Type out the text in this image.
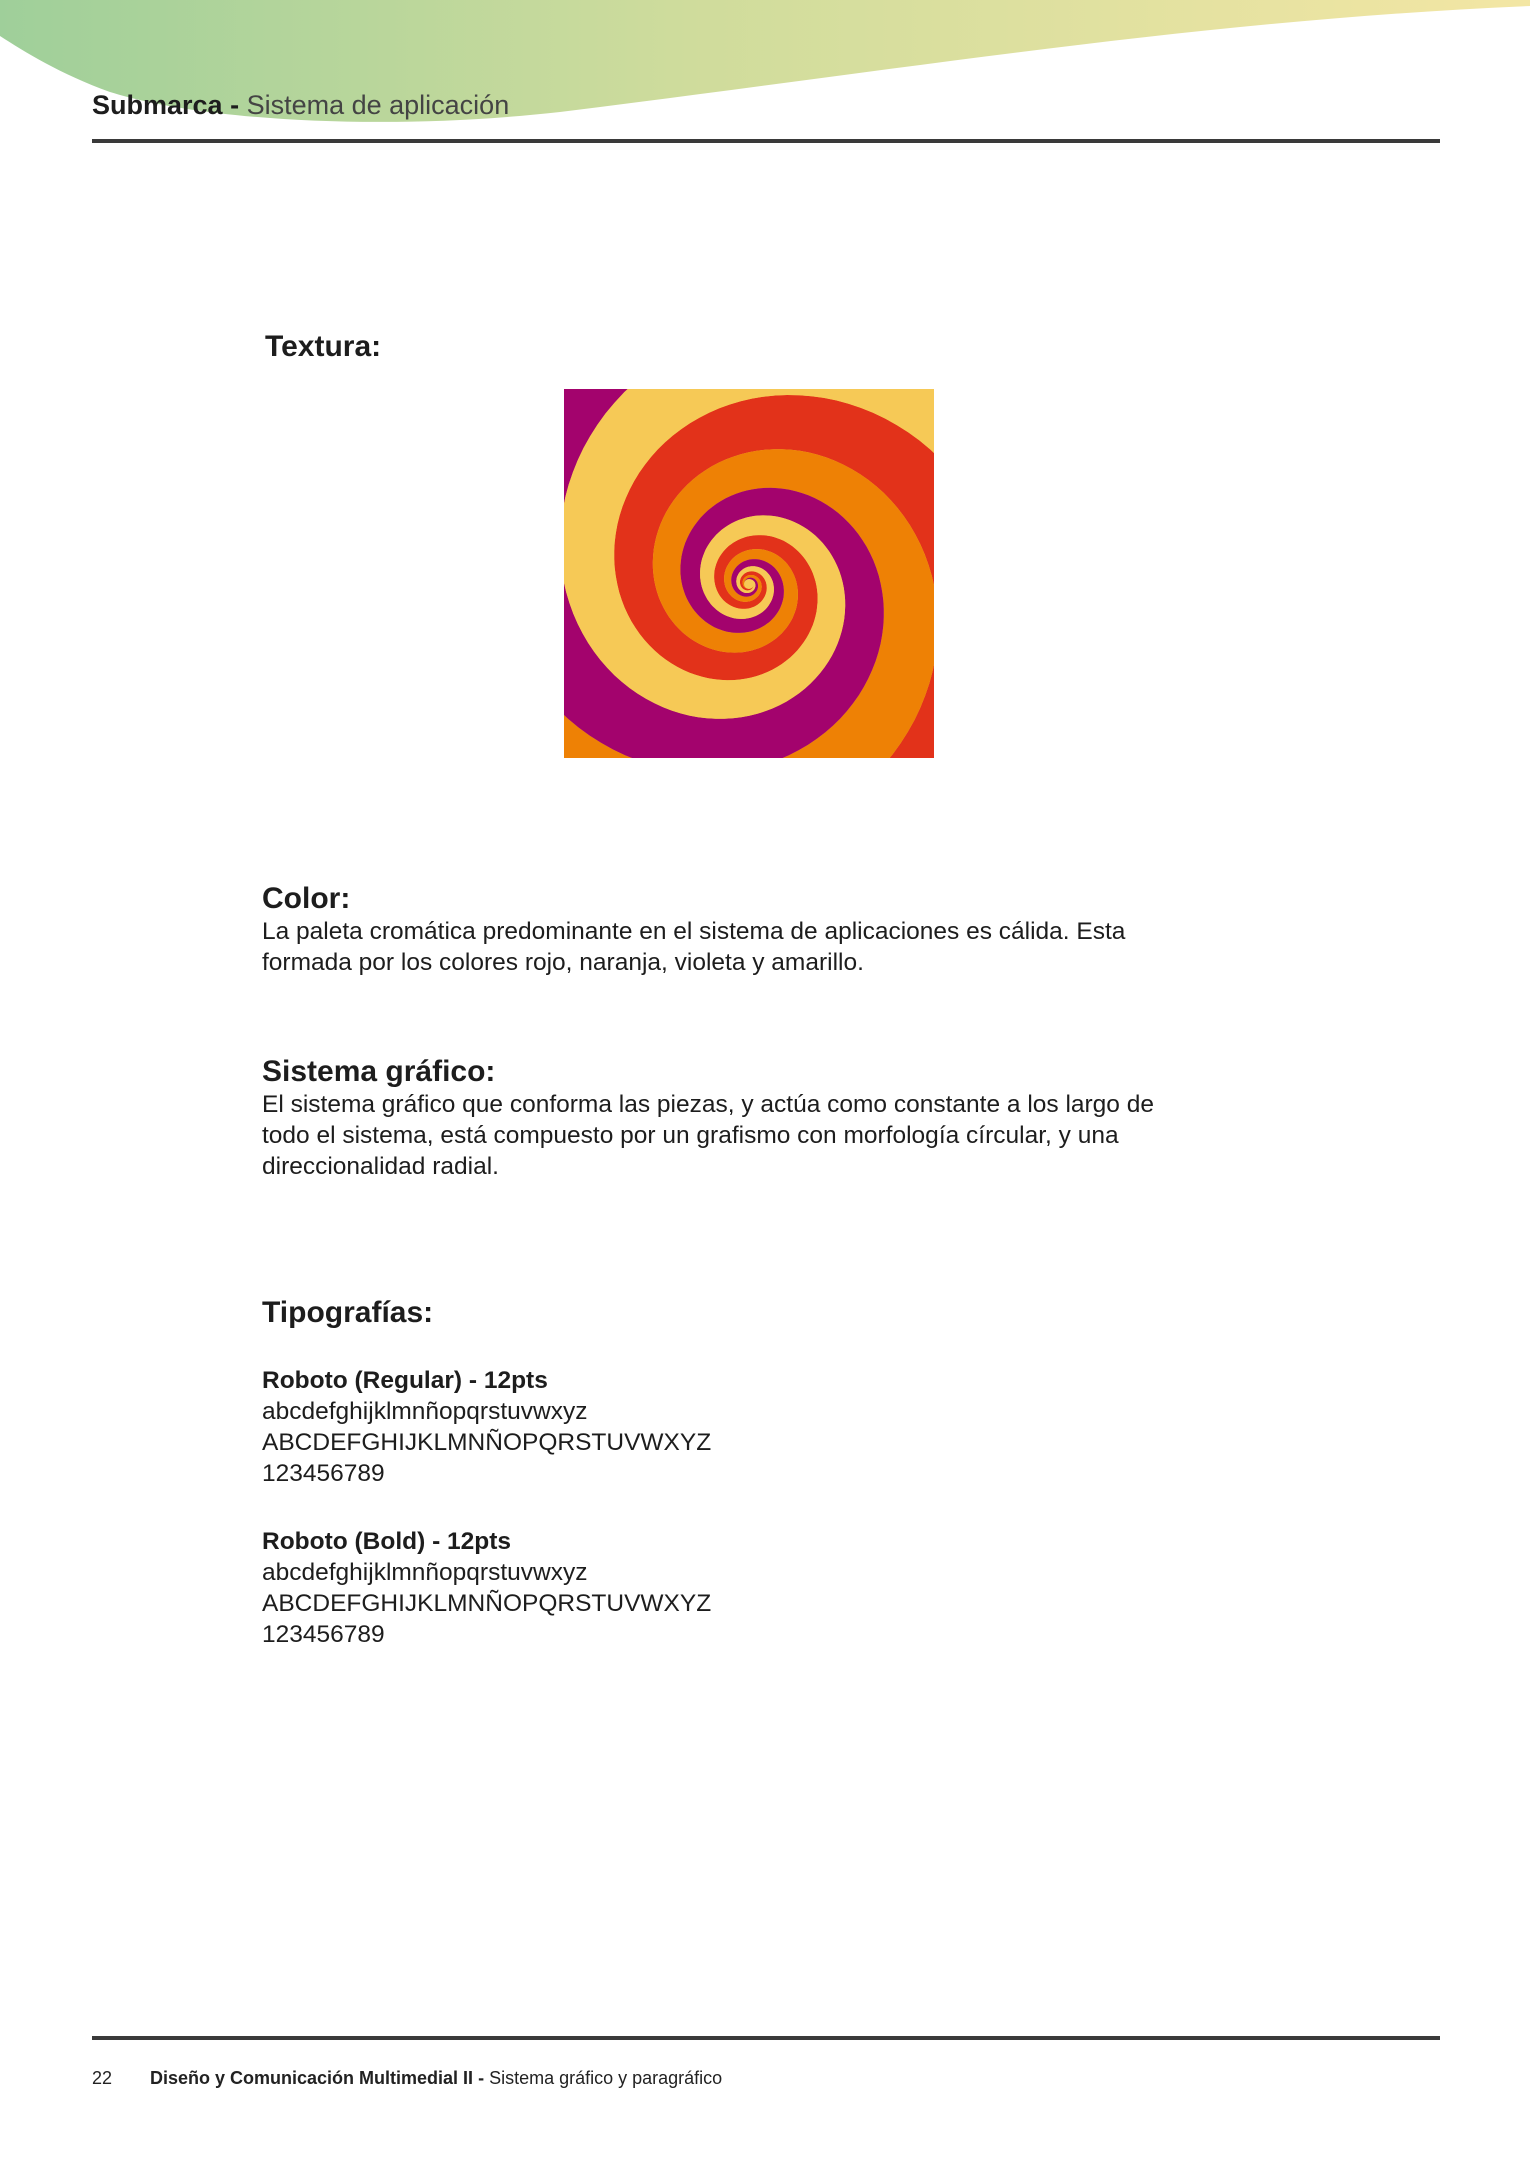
Submarca - Sistema de aplicación
Textura:
Color:

La paleta cromática predominante en el sistema de aplicaciones es cálida. Esta

formada por los colores rojo, naranja, violeta y amarillo.

Sistema gráfico:

El sistema gráfico que conforma las piezas, y actúa como constante a los largo de

todo el sistema, está compuesto por un grafismo con morfología círcular, y una

direccionalidad radial.

Tipografías:
Roboto (Regular) - 12pts
abcdefghijklmnñopqrstuvwxyz
ABCDEFGHIJKLMNÑOPQRSTUVWXYZ
123456789
Roboto (Bold) - 12pts
abcdefghijklmnñopqrstuvwxyz
ABCDEFGHIJKLMNÑOPQRSTUVWXYZ
123456789
22 Diseño y Comunicación Multimedial II - Sistema gráfico y paragráfico
